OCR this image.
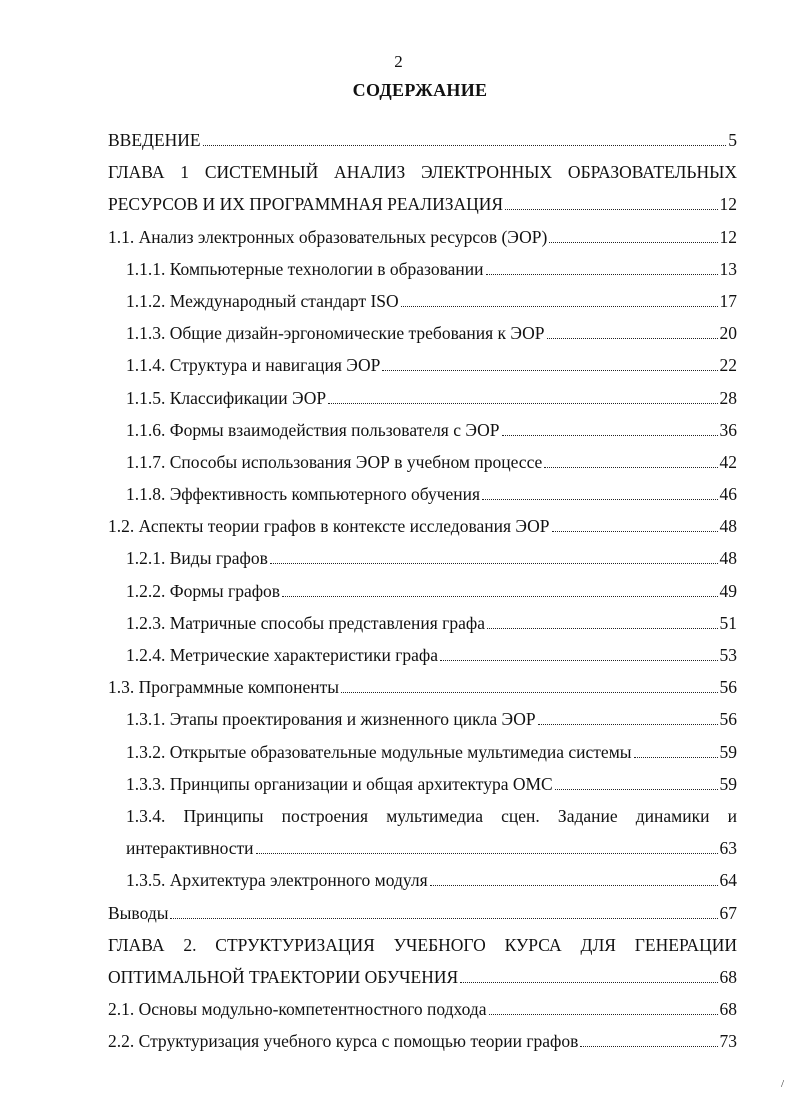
2
СОДЕРЖАНИЕ
ВВЕДЕНИЕ	5
ГЛАВА 1 СИСТЕМНЫЙ АНАЛИЗ ЭЛЕКТРОННЫХ ОБРАЗОВАТЕЛЬНЫХ
РЕСУРСОВ И ИХ ПРОГРАММНАЯ РЕАЛИЗАЦИЯ	12
1.1. Анализ электронных образовательных ресурсов (ЭОР)	12
1.1.1. Компьютерные технологии в образовании	13
1.1.2. Международный стандарт ISO	17
1.1.3. Общие дизайн-эргономические требования к ЭОР	20
1.1.4. Структура и навигация ЭОР	22
1.1.5. Классификации ЭОР	28
1.1.6. Формы взаимодействия пользователя с ЭОР	36
1.1.7. Способы использования ЭОР в учебном процессе	42
1.1.8. Эффективность компьютерного обучения	46
1.2. Аспекты теории графов в контексте исследования ЭОР	48
1.2.1. Виды графов	48
1.2.2. Формы графов	49
1.2.3. Матричные способы представления графа	51
1.2.4. Метрические характеристики графа	53
1.3. Программные компоненты	56
1.3.1. Этапы проектирования и жизненного цикла ЭОР	56
1.3.2. Открытые образовательные модульные мультимедиа системы	59
1.3.3. Принципы организации и общая архитектура ОМС	59
1.3.4. Принципы построения мультимедиа сцен. Задание динамики и
интерактивности	63
1.3.5. Архитектура электронного модуля	64
Выводы	67
ГЛАВА 2. СТРУКТУРИЗАЦИЯ УЧЕБНОГО КУРСА ДЛЯ ГЕНЕРАЦИИ
ОПТИМАЛЬНОЙ ТРАЕКТОРИИ ОБУЧЕНИЯ	68
2.1. Основы модульно-компетентностного подхода	68
2.2. Структуризация учебного курса с помощью теории графов	73
/
